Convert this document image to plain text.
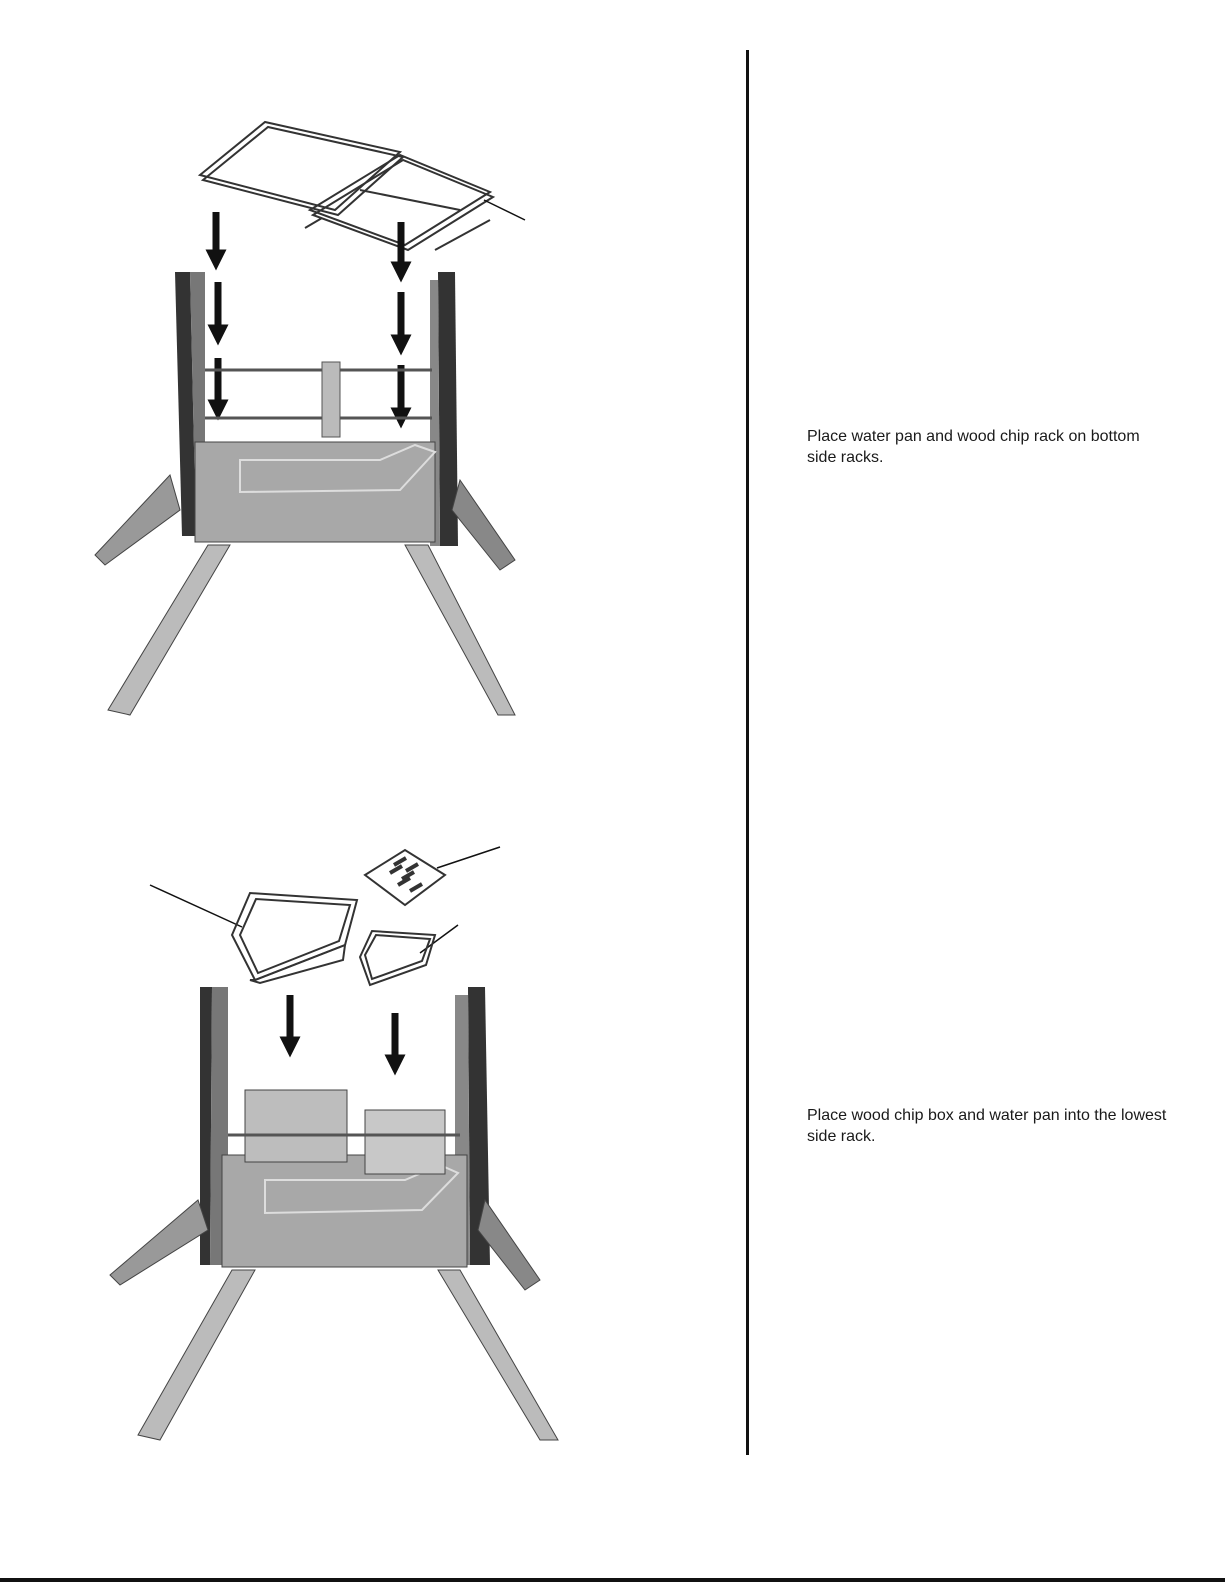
Place water pan and wood chip rack on bottom side racks.
Place wood chip box and water pan into the lowest side rack.
